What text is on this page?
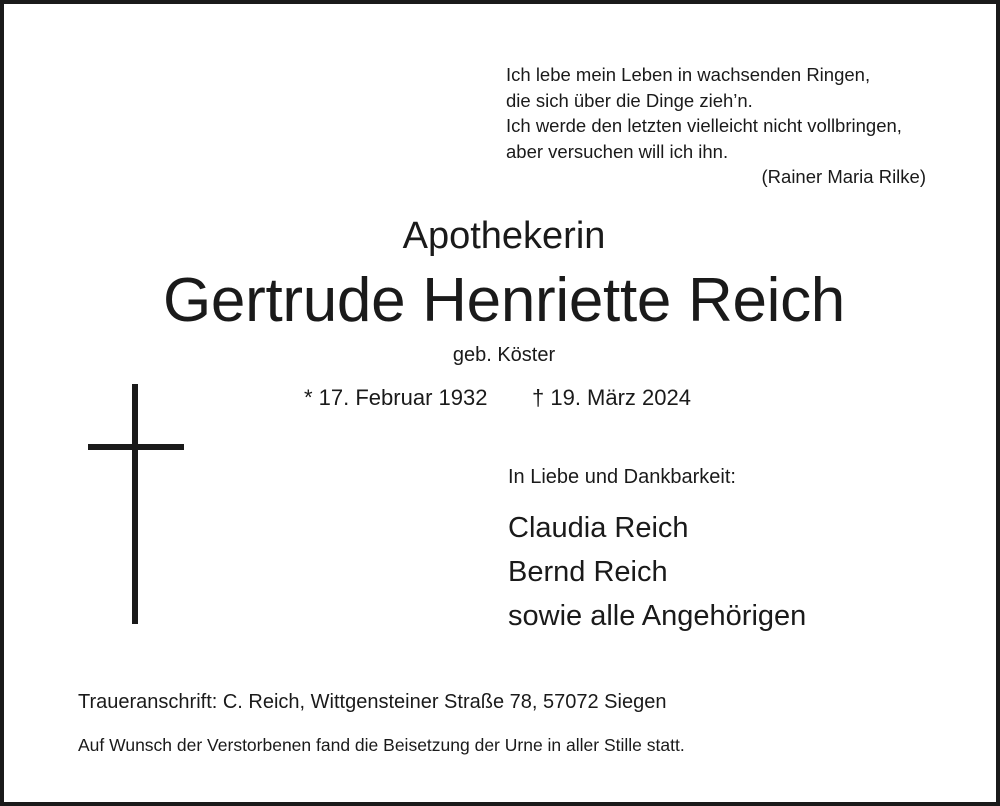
Ich lebe mein Leben in wachsenden Ringen,
die sich über die Dinge zieh’n.
Ich werde den letzten vielleicht nicht vollbringen,
aber versuchen will ich ihn.
(Rainer Maria Rilke)
Apothekerin
Gertrude Henriette Reich
geb. Köster
* 17. Februar 1932 † 19. März 2024
In Liebe und Dankbarkeit:
Claudia Reich
Bernd Reich
sowie alle Angehörigen
Traueranschrift: C. Reich, Wittgensteiner Straße 78, 57072 Siegen
Auf Wunsch der Verstorbenen fand die Beisetzung der Urne in aller Stille statt.
